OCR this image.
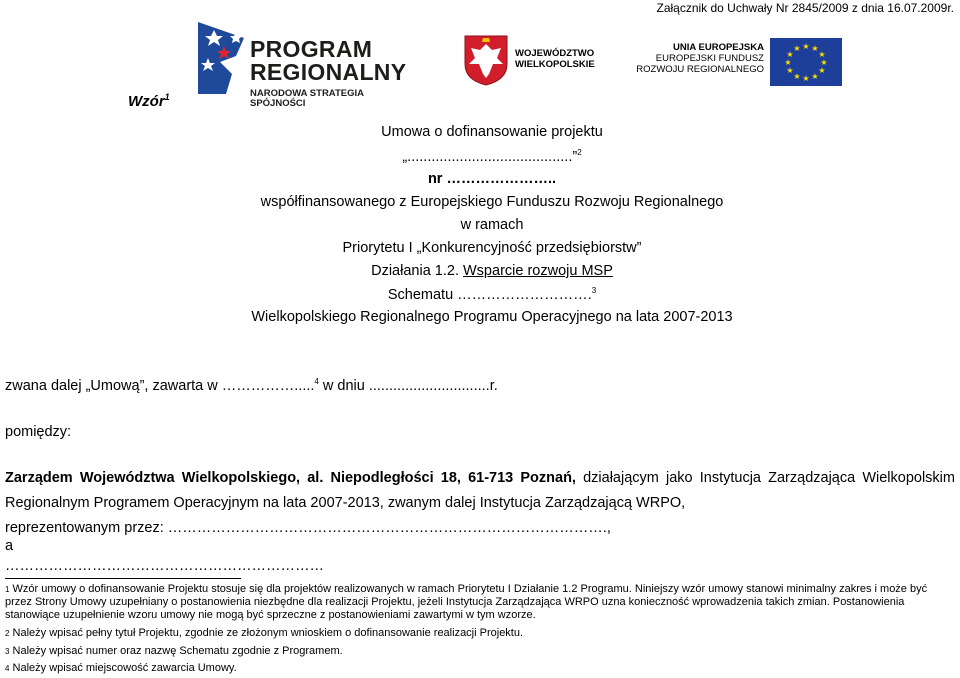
Załącznik do Uchwały Nr 2845/2009 z dnia 16.07.2009r.
PROGRAM
REGIONALNY
NARODOWA STRATEGIA SPÓJNOŚCI
WOJEWÓDZTWO
WIELKOPOLSKIE
UNIA EUROPEJSKA
EUROPEJSKI FUNDUSZ
ROZWOJU REGIONALNEGO
★ ★
★
★
★
★
★
★
★
★
★
★
Wzór$^1$
Umowa o dofinansowanie projektu
„.........................................”$^2$
nr …………………..
współfinansowanego z Europejskiego Funduszu Rozwoju Regionalnego
w ramach
Priorytetu I „Konkurencyjność przedsiębiorstw”
Działania 1.2. Wsparcie rozwoju MSP
Schematu ……………………….$^3$
Wielkopolskiego Regionalnego Programu Operacyjnego na lata 2007-2013
zwana dalej „Umową”, zawarta w …………….....$^4$ w dniu ..............................r.
pomiędzy:
Zarządem Województwa Wielkopolskiego, al. Niepodległości 18, 61-713 Poznań, działającym jako Instytucja Zarządzająca Wielkopolskim Regionalnym Programem Operacyjnym na lata 2007-2013, zwanym dalej Instytucja Zarządzającą WRPO,
reprezentowanym przez: ……………………………………………………………………………….,
a
…………………………………………………………
$^1$ Wzór umowy o dofinansowanie Projektu stosuje się dla projektów realizowanych w ramach Priorytetu I Działanie 1.2 Programu. Niniejszy wzór umowy stanowi minimalny zakres i może być przez Strony Umowy uzupełniany o postanowienia niezbędne dla realizacji Projektu, jeżeli Instytucja Zarządzająca WRPO uzna konieczność wprowadzenia takich zmian. Postanowienia stanowiące uzupełnienie wzoru umowy nie mogą być sprzeczne z postanowieniami zawartymi w tym wzorze.
$^2$ Należy wpisać pełny tytuł Projektu, zgodnie ze złożonym wnioskiem o dofinansowanie realizacji Projektu.
$^3$ Należy wpisać numer oraz nazwę Schematu zgodnie z Programem.
$^4$ Należy wpisać miejscowość zawarcia Umowy.
